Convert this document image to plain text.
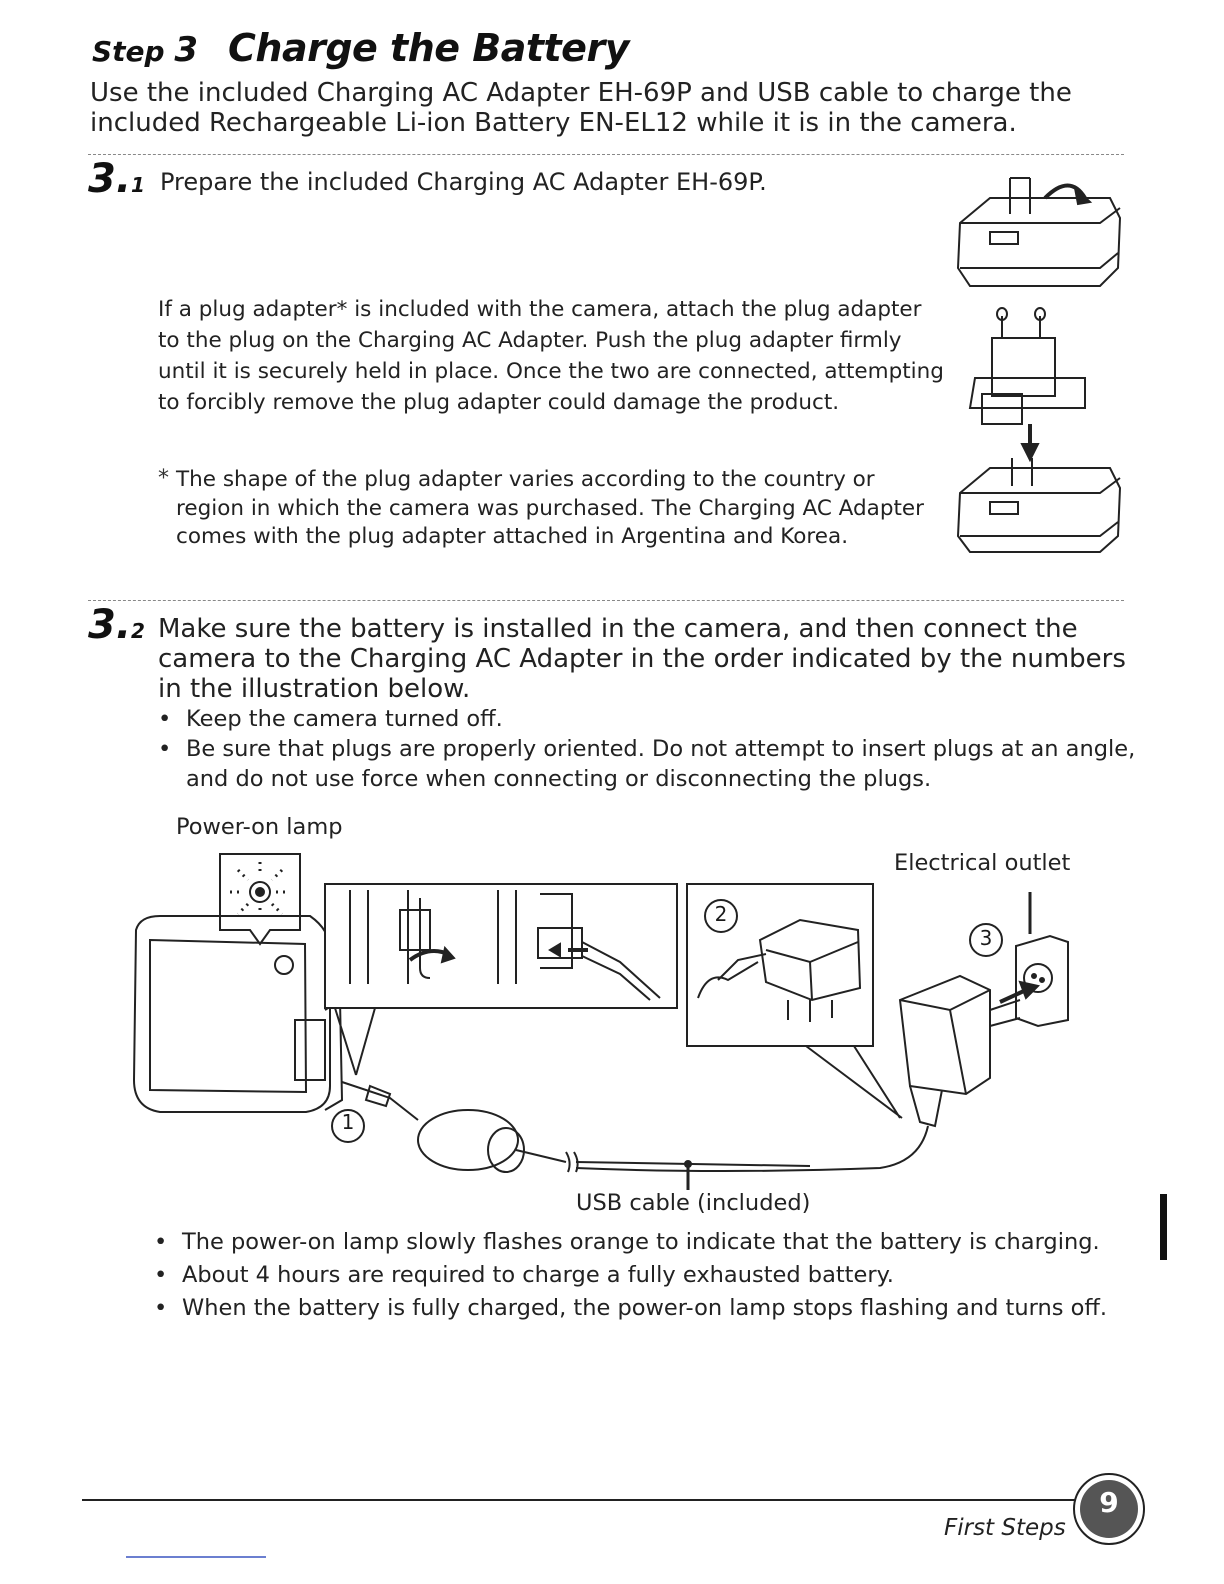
Step 3 Charge the Battery
Use the included Charging AC Adapter EH-69P and USB cable to charge the included Rechargeable Li-ion Battery EN-EL12 while it is in the camera.
3.1 Prepare the included Charging AC Adapter EH-69P.
If a plug adapter* is included with the camera, attach the plug adapter to the plug on the Charging AC Adapter. Push the plug adapter firmly until it is securely held in place. Once the two are connected, attempting to forcibly remove the plug adapter could damage the product.
* The shape of the plug adapter varies according to the country or region in which the camera was purchased. The Charging AC Adapter comes with the plug adapter attached in Argentina and Korea.
3.2 Make sure the battery is installed in the camera, and then connect the camera to the Charging AC Adapter in the order indicated by the numbers in the illustration below.
• Keep the camera turned off.
• Be sure that plugs are properly oriented. Do not attempt to insert plugs at an angle, and do not use force when connecting or disconnecting the plugs.
Power-on lamp
Electrical outlet
USB cable (included)
1
2
3
• The power-on lamp slowly flashes orange to indicate that the battery is charging.
• About 4 hours are required to charge a fully exhausted battery.
• When the battery is fully charged, the power-on lamp stops flashing and turns off.
First Steps
9
